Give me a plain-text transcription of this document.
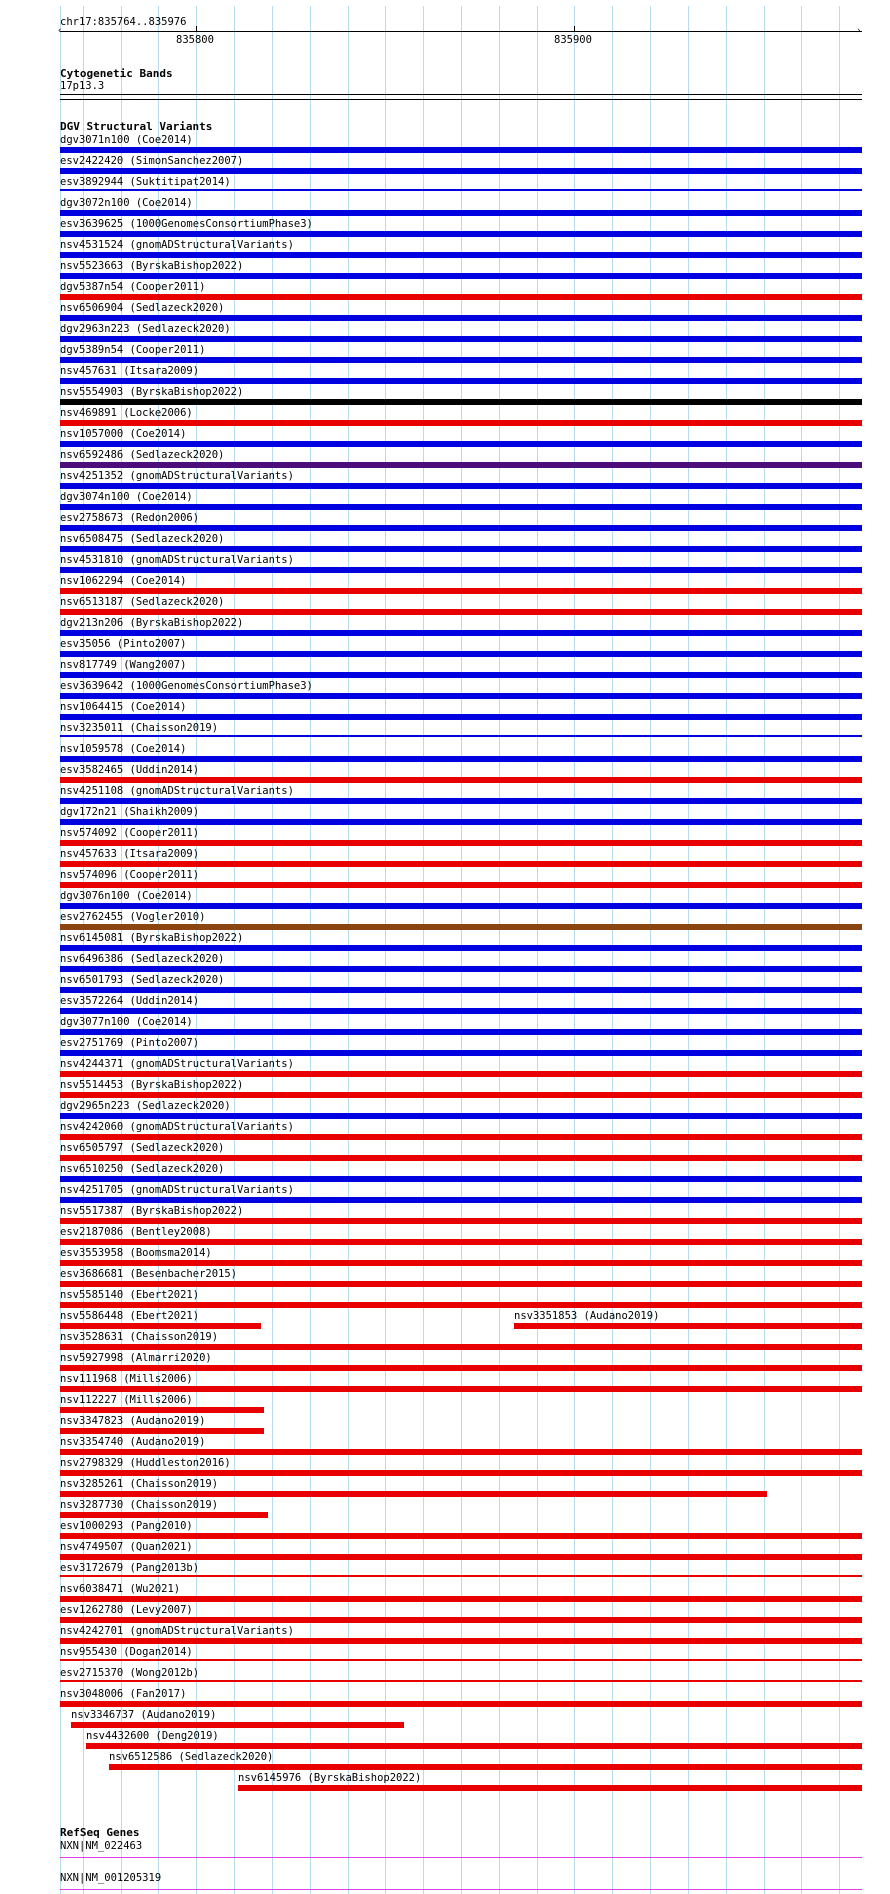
chr17:835764..835976
835800	835900
‹	›
Cytogenetic Bands
17p13.3
DGV Structural Variants
dgv3071n100 (Coe2014)
esv2422420 (SimonSanchez2007)
esv3892944 (Suktitipat2014)
dgv3072n100 (Coe2014)
esv3639625 (1000GenomesConsortiumPhase3)
nsv4531524 (gnomADStructuralVariants)
nsv5523663 (ByrskaBishop2022)
dgv5387n54 (Cooper2011)
nsv6506904 (Sedlazeck2020)
dgv2963n223 (Sedlazeck2020)
dgv5389n54 (Cooper2011)
nsv457631 (Itsara2009)
nsv5554903 (ByrskaBishop2022)
nsv469891 (Locke2006)
nsv1057000 (Coe2014)
nsv6592486 (Sedlazeck2020)
nsv4251352 (gnomADStructuralVariants)
dgv3074n100 (Coe2014)
esv2758673 (Redon2006)
nsv6508475 (Sedlazeck2020)
nsv4531810 (gnomADStructuralVariants)
nsv1062294 (Coe2014)
nsv6513187 (Sedlazeck2020)
dgv213n206 (ByrskaBishop2022)
esv35056 (Pinto2007)
nsv817749 (Wang2007)
esv3639642 (1000GenomesConsortiumPhase3)
nsv1064415 (Coe2014)
nsv3235011 (Chaisson2019)
nsv1059578 (Coe2014)
esv3582465 (Uddin2014)
nsv4251108 (gnomADStructuralVariants)
dgv172n21 (Shaikh2009)
nsv574092 (Cooper2011)
nsv457633 (Itsara2009)
nsv574096 (Cooper2011)
dgv3076n100 (Coe2014)
esv2762455 (Vogler2010)
nsv6145081 (ByrskaBishop2022)
nsv6496386 (Sedlazeck2020)
nsv6501793 (Sedlazeck2020)
esv3572264 (Uddin2014)
dgv3077n100 (Coe2014)
esv2751769 (Pinto2007)
nsv4244371 (gnomADStructuralVariants)
nsv5514453 (ByrskaBishop2022)
dgv2965n223 (Sedlazeck2020)
nsv4242060 (gnomADStructuralVariants)
nsv6505797 (Sedlazeck2020)
nsv6510250 (Sedlazeck2020)
nsv4251705 (gnomADStructuralVariants)
nsv5517387 (ByrskaBishop2022)
esv2187086 (Bentley2008)
esv3553958 (Boomsma2014)
esv3686681 (Besenbacher2015)
nsv5585140 (Ebert2021)
nsv5586448 (Ebert2021)	nsv3351853 (Audano2019)
nsv3528631 (Chaisson2019)
nsv5927998 (Almarri2020)
nsv111968 (Mills2006)
nsv112227 (Mills2006)
nsv3347823 (Audano2019)
nsv3354740 (Audano2019)
nsv2798329 (Huddleston2016)
nsv3285261 (Chaisson2019)
nsv3287730 (Chaisson2019)
esv1000293 (Pang2010)
nsv4749507 (Quan2021)
esv3172679 (Pang2013b)
nsv6038471 (Wu2021)
esv1262780 (Levy2007)
nsv4242701 (gnomADStructuralVariants)
nsv955430 (Dogan2014)
esv2715370 (Wong2012b)
nsv3048006 (Fan2017)
nsv3346737 (Audano2019)
nsv4432600 (Deng2019)
nsv6512586 (Sedlazeck2020)
nsv6145976 (ByrskaBishop2022)
RefSeq Genes
NXN|NM_022463
NXN|NM_001205319
